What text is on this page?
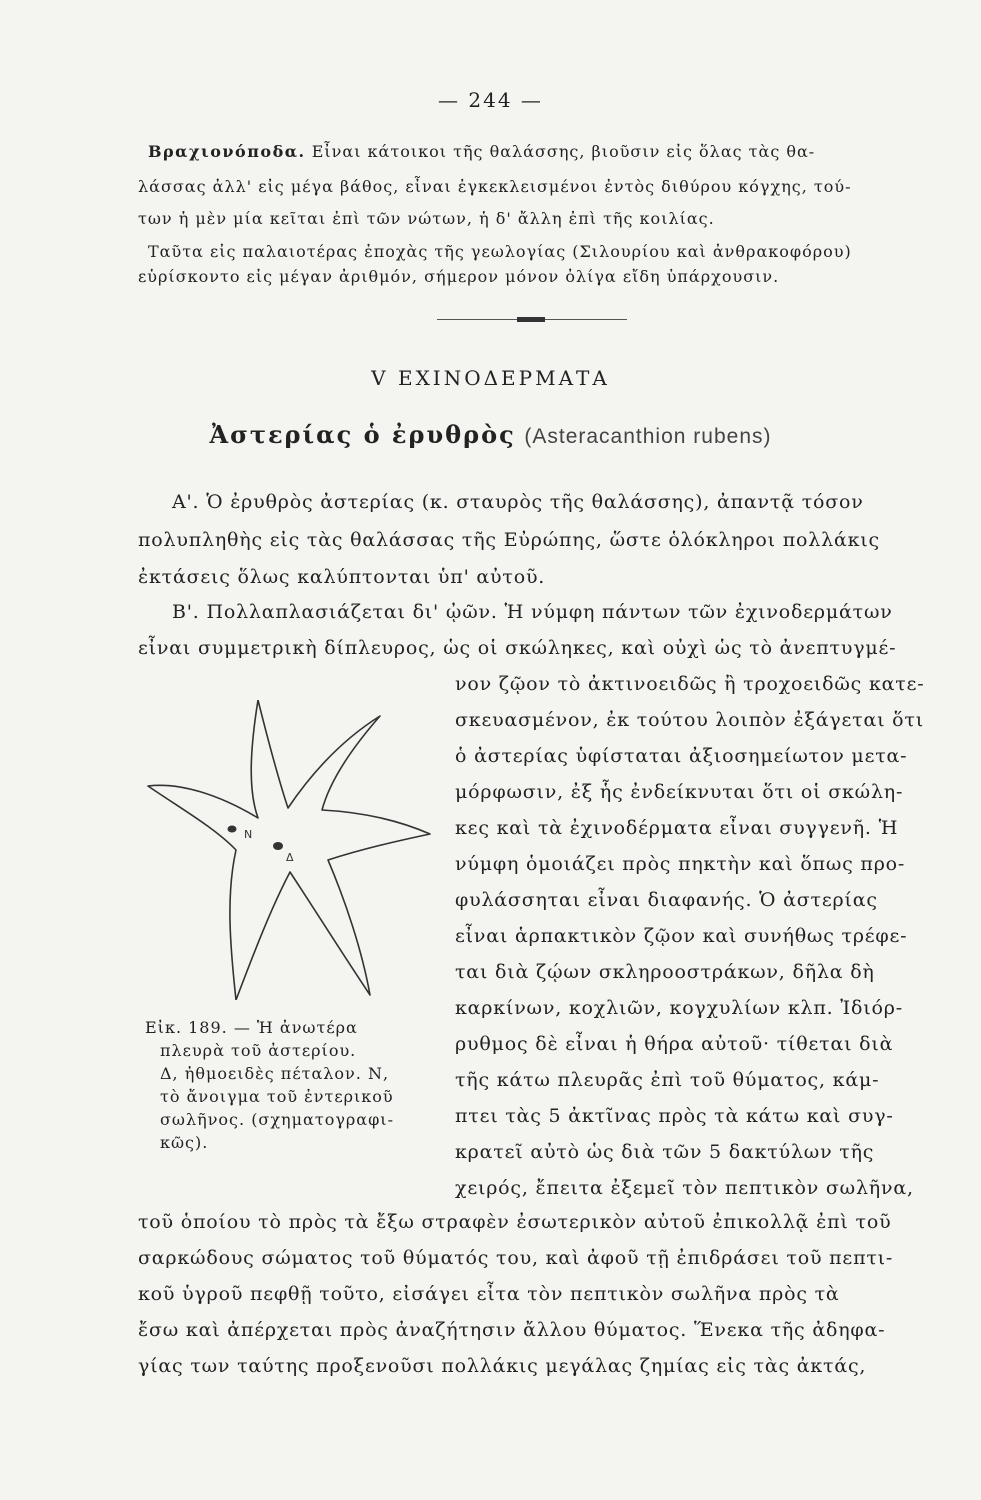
— 244 —
Βραχιονόποδα. Εἶναι κάτοικοι τῆς θαλάσσης, βιοῦσιν εἰς ὅλας τὰς θα-
λάσσας ἀλλ' εἰς μέγα βάθος, εἶναι ἐγκεκλεισμένοι ἐντὸς διθύρου κόγχης, τού-
των ἡ μὲν μία κεῖται ἐπὶ τῶν νώτων, ἡ δ' ἄλλη ἐπὶ τῆς κοιλίας.
Ταῦτα εἰς παλαιοτέρας ἐποχὰς τῆς γεωλογίας (Σιλουρίου καὶ ἀνθρακοφόρου)
εὑρίσκοντο εἰς μέγαν ἀριθμόν, σήμερον μόνον ὀλίγα εἴδη ὑπάρχουσιν.
V ΕΧΙΝΟΔΕΡΜΑΤΑ
Ἀστερίας ὁ ἐρυθρὸς (Asteracanthion rubens)
Α'. Ὁ ἐρυθρὸς ἀστερίας (κ. σταυρὸς τῆς θαλάσσης), ἀπαντᾷ τόσον
πολυπληθὴς εἰς τὰς θαλάσσας τῆς Εὐρώπης, ὥστε ὁλόκληροι πολλάκις
ἐκτάσεις ὅλως καλύπτονται ὑπ' αὐτοῦ.
Β'. Πολλαπλασιάζεται δι' ᾠῶν. Ἡ νύμφη πάντων τῶν ἐχινοδερμάτων
εἶναι συμμετρικὴ δίπλευρος, ὡς οἱ σκώληκες, καὶ οὐχὶ ὡς τὸ ἀνεπτυγμέ-
N
Δ
νον ζῷον τὸ ἀκτινοειδῶς ἢ τροχοειδῶς κατε-
σκευασμένον, ἐκ τούτου λοιπὸν ἐξάγεται ὅτι
ὁ ἀστερίας ὑφίσταται ἀξιοσημείωτον μετα-
μόρφωσιν, ἐξ ἧς ἐνδείκνυται ὅτι οἱ σκώλη-
κες καὶ τὰ ἐχινοδέρματα εἶναι συγγενῆ. Ἡ
νύμφη ὁμοιάζει πρὸς πηκτὴν καὶ ὅπως προ-
φυλάσσηται εἶναι διαφανής. Ὁ ἀστερίας
εἶναι ἁρπακτικὸν ζῷον καὶ συνήθως τρέφε-
ται διὰ ζῴων σκληροοστράκων, δῆλα δὴ
καρκίνων, κοχλιῶν, κογχυλίων κλπ. Ἰδιόρ-
ρυθμος δὲ εἶναι ἡ θήρα αὐτοῦ· τίθεται διὰ
τῆς κάτω πλευρᾶς ἐπὶ τοῦ θύματος, κάμ-
πτει τὰς 5 ἀκτῖνας πρὸς τὰ κάτω καὶ συγ-
κρατεῖ αὐτὸ ὡς διὰ τῶν 5 δακτύλων τῆς
χειρός, ἔπειτα ἐξεμεῖ τὸν πεπτικὸν σωλῆνα,
Εἰκ. 189. — Ἡ ἀνωτέρα
πλευρὰ τοῦ ἀστερίου.
Δ, ἠθμοειδὲς πέταλον. Ν,
τὸ ἄνοιγμα τοῦ ἐντερικοῦ
σωλῆνος. (σχηματογραφι-
κῶς).
τοῦ ὁποίου τὸ πρὸς τὰ ἔξω στραφὲν ἐσωτερικὸν αὐτοῦ ἐπικολλᾷ ἐπὶ τοῦ
σαρκώδους σώματος τοῦ θύματός του, καὶ ἀφοῦ τῇ ἐπιδράσει τοῦ πεπτι-
κοῦ ὑγροῦ πεφθῇ τοῦτο, εἰσάγει εἶτα τὸν πεπτικὸν σωλῆνα πρὸς τὰ
ἔσω καὶ ἀπέρχεται πρὸς ἀναζήτησιν ἄλλου θύματος. Ἕνεκα τῆς ἀδηφα-
γίας των ταύτης προξενοῦσι πολλάκις μεγάλας ζημίας εἰς τὰς ἀκτάς,
